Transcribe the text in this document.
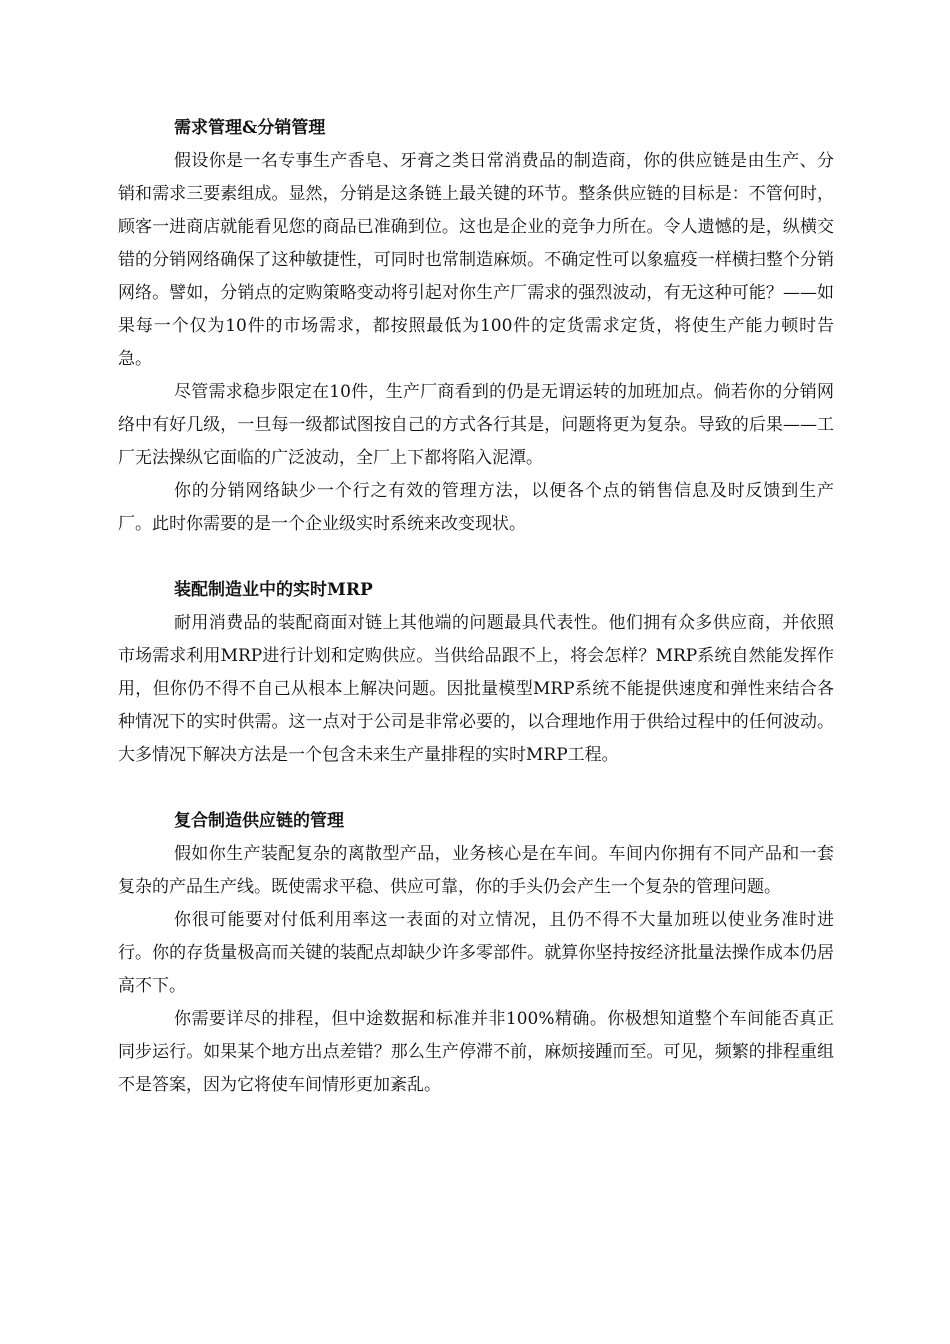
需求管理&分销管理

假设你是一名专事生产香皂、牙膏之类日常消费品的制造商，你的供应链是由生产、分销和需求三要素组成。显然，分销是这条链上最关键的环节。整条供应链的目标是：不管何时，顾客一进商店就能看见您的商品已准确到位。这也是企业的竞争力所在。令人遗憾的是，纵横交错的分销网络确保了这种敏捷性，可同时也常制造麻烦。不确定性可以象瘟疫一样横扫整个分销网络。譬如，分销点的定购策略变动将引起对你生产厂需求的强烈波动，有无这种可能？——如果每一个仅为10件的市场需求，都按照最低为100件的定货需求定货，将使生产能力顿时告急。

尽管需求稳步限定在10件，生产厂商看到的仍是无谓运转的加班加点。倘若你的分销网络中有好几级，一旦每一级都试图按自己的方式各行其是，问题将更为复杂。导致的后果——工厂无法操纵它面临的广泛波动，全厂上下都将陷入泥潭。

你的分销网络缺少一个行之有效的管理方法，以便各个点的销售信息及时反馈到生产厂。此时你需要的是一个企业级实时系统来改变现状。

装配制造业中的实时MRP

耐用消费品的装配商面对链上其他端的问题最具代表性。他们拥有众多供应商，并依照市场需求利用MRP进行计划和定购供应。当供给品跟不上，将会怎样？MRP系统自然能发挥作用，但你仍不得不自己从根本上解决问题。因批量模型MRP系统不能提供速度和弹性来结合各种情况下的实时供需。这一点对于公司是非常必要的，以合理地作用于供给过程中的任何波动。大多情况下解决方法是一个包含未来生产量排程的实时MRP工程。

复合制造供应链的管理

假如你生产装配复杂的离散型产品，业务核心是在车间。车间内你拥有不同产品和一套复杂的产品生产线。既使需求平稳、供应可靠，你的手头仍会产生一个复杂的管理问题。

你很可能要对付低利用率这一表面的对立情况，且仍不得不大量加班以使业务准时进行。你的存货量极高而关键的装配点却缺少许多零部件。就算你坚持按经济批量法操作成本仍居高不下。

你需要详尽的排程，但中途数据和标准并非100%精确。你极想知道整个车间能否真正同步运行。如果某个地方出点差错？那么生产停滞不前，麻烦接踵而至。可见，频繁的排程重组不是答案，因为它将使车间情形更加紊乱。
